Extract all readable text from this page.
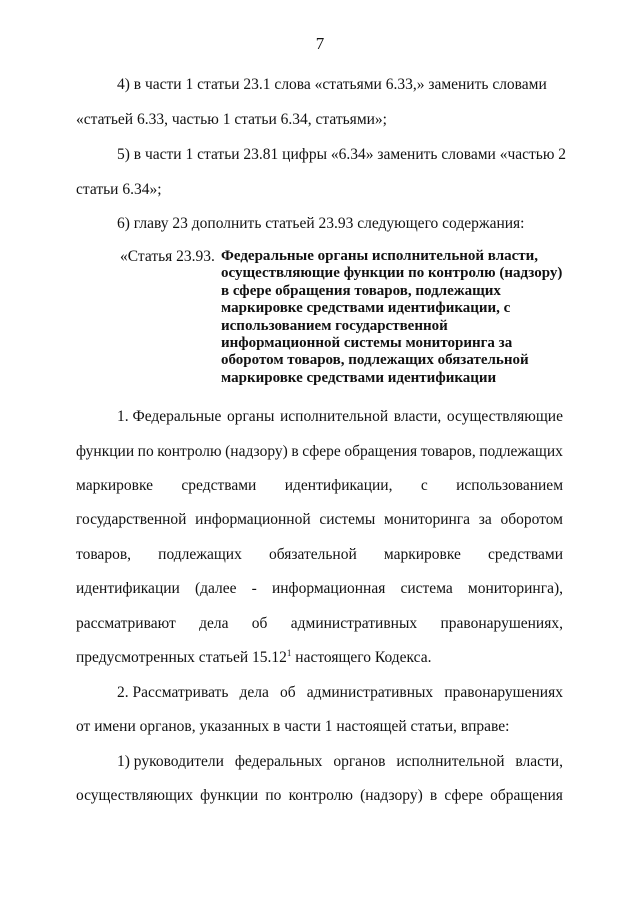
7
4) в части 1 статьи 23.1 слова «статьями 6.33,» заменить словами
«статьей 6.33, частью 1 статьи 6.34, статьями»;
5) в части 1 статьи 23.81 цифры «6.34» заменить словами «частью 2
статьи 6.34»;
6) главу 23 дополнить статьей 23.93 следующего содержания:
«Статья 23.93. Федеральные органы исполнительной власти,
осуществляющие функции по контролю (надзору)
в сфере обращения товаров, подлежащих
маркировке средствами идентификации, с
использованием государственной
информационной системы мониторинга за
оборотом товаров, подлежащих обязательной
маркировке средствами идентификации
1. Федеральные органы исполнительной власти, осуществляющие
функции по контролю (надзору) в сфере обращения товаров, подлежащих
маркировке средствами идентификации, с использованием
государственной информационной системы мониторинга за оборотом
товаров, подлежащих обязательной маркировке средствами
идентификации (далее - информационная система мониторинга),
рассматривают дела об административных правонарушениях,
предусмотренных статьей 15.12$^1$ настоящего Кодекса.
2. Рассматривать дела об административных правонарушениях
от имени органов, указанных в части 1 настоящей статьи, вправе:
1) руководители федеральных органов исполнительной власти,
осуществляющих функции по контролю (надзору) в сфере обращения
